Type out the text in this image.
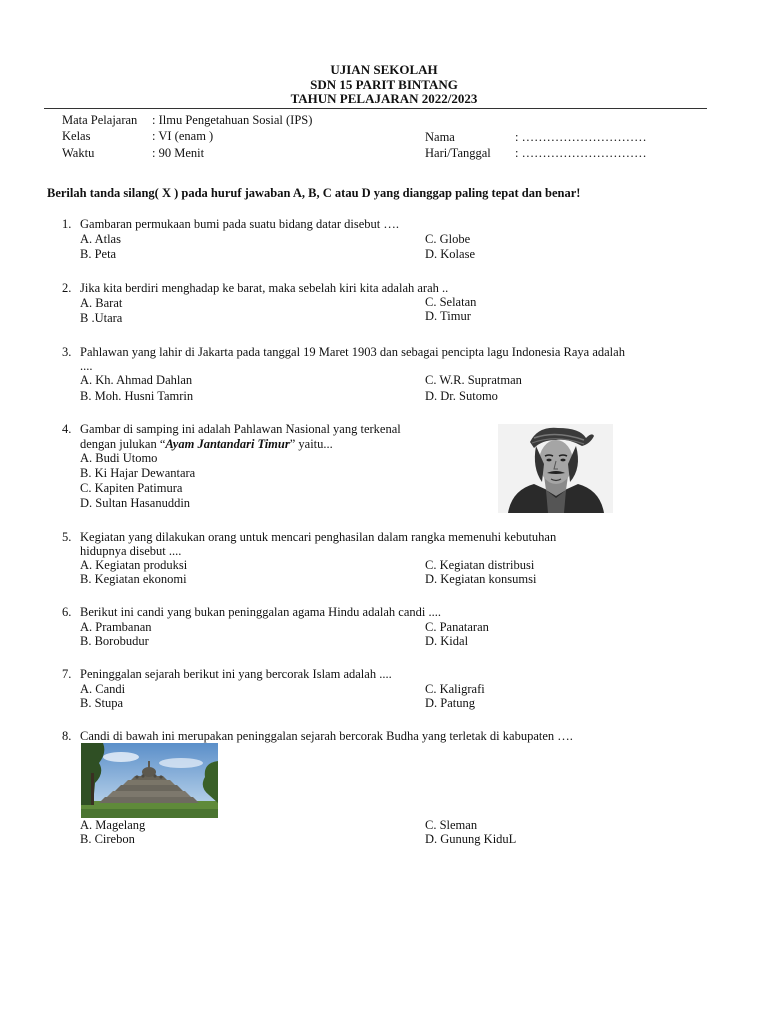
UJIAN SEKOLAH
SDN 15 PARIT BINTANG
TAHUN PELAJARAN 2022/2023
Mata Pelajaran : Ilmu Pengetahuan Sosial (IPS)
Kelas	: VI (enam )
Waktu	: 90 Menit
Nama	: …………………………
Hari/Tanggal : …………………………
Berilah tanda silang( X ) pada huruf jawaban A, B, C atau D yang dianggap paling tepat dan benar!
1. Gambaran permukaan bumi pada suatu bidang datar disebut ….
A. Atlas
B. Peta
C. Globe
D. Kolase
2. Jika kita berdiri menghadap ke barat, maka sebelah kiri kita adalah arah ..
A. Barat
B .Utara
C. Selatan
D. Timur
3. Pahlawan yang lahir di Jakarta pada tanggal 19 Maret 1903 dan sebagai pencipta lagu Indonesia Raya adalah
....
A. Kh. Ahmad Dahlan
B. Moh. Husni Tamrin
C. W.R. Supratman
D. Dr. Sutomo
4. Gambar di samping ini adalah Pahlawan Nasional yang terkenal
dengan julukan “Ayam Jantandari Timur” yaitu...
A. Budi Utomo
B. Ki Hajar Dewantara
C. Kapiten Patimura
D. Sultan Hasanuddin
5. Kegiatan yang dilakukan orang untuk mencari penghasilan dalam rangka memenuhi kebutuhan
hidupnya disebut ....
A. Kegiatan produksi
B. Kegiatan ekonomi
C. Kegiatan distribusi
D. Kegiatan konsumsi
6. Berikut ini candi yang bukan peninggalan agama Hindu adalah candi ....
A. Prambanan
B. Borobudur
C. Panataran
D. Kidal
7. Peninggalan sejarah berikut ini yang bercorak Islam adalah ....
A. Candi
B. Stupa
C. Kaligrafi
D. Patung
8. Candi di bawah ini merupakan peninggalan sejarah bercorak Budha yang terletak di kabupaten ….
A. Magelang
B. Cirebon
C. Sleman
D. Gunung KiduL
